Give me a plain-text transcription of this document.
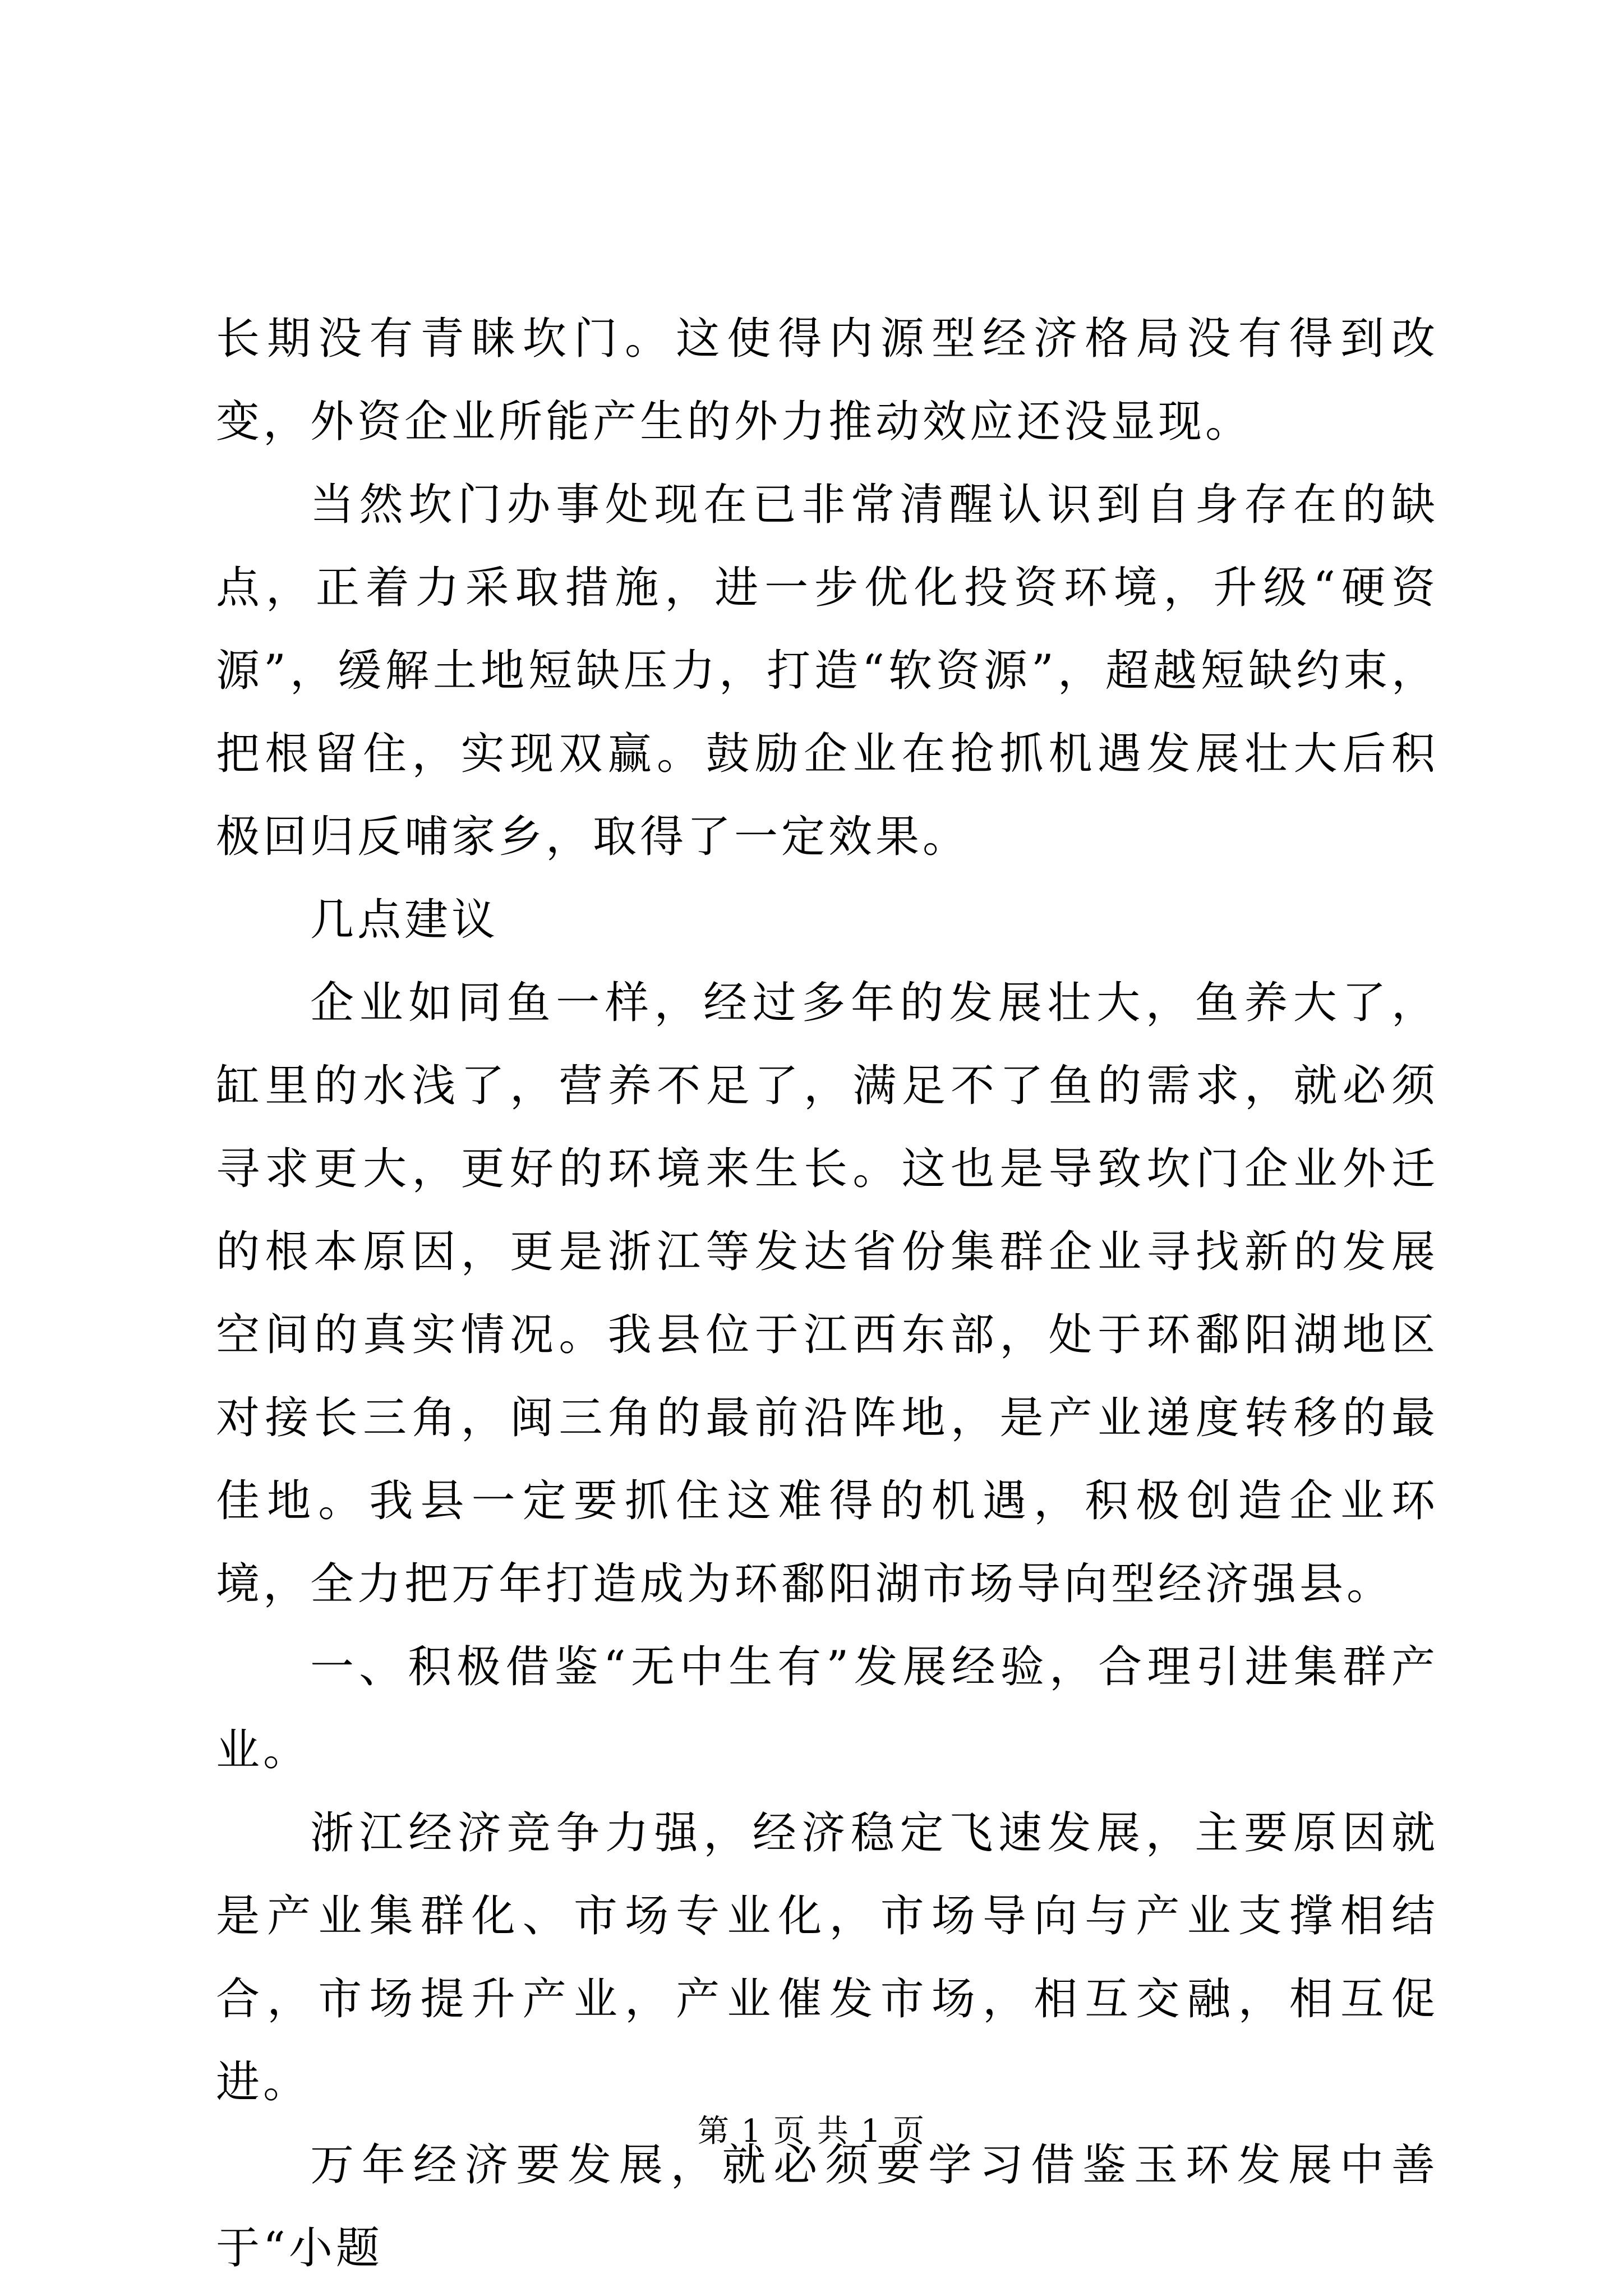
长期没有青睐坎门。这使得内源型经济格局没有得到改变，外资企业所能产生的外力推动效应还没显现。

当然坎门办事处现在已非常清醒认识到自身存在的缺点，正着力采取措施，进一步优化投资环境，升级“硬资源”，缓解土地短缺压力，打造“软资源”，超越短缺约束，把根留住，实现双赢。鼓励企业在抢抓机遇发展壮大后积极回归反哺家乡，取得了一定效果。

几点建议

企业如同鱼一样，经过多年的发展壮大，鱼养大了，缸里的水浅了，营养不足了，满足不了鱼的需求，就必须寻求更大，更好的环境来生长。这也是导致坎门企业外迁的根本原因，更是浙江等发达省份集群企业寻找新的发展空间的真实情况。我县位于江西东部，处于环鄱阳湖地区对接长三角，闽三角的最前沿阵地，是产业递度转移的最佳地。我县一定要抓住这难得的机遇，积极创造企业环境，全力把万年打造成为环鄱阳湖市场导向型经济强县。

一、积极借鉴“无中生有”发展经验，合理引进集群产业。

浙江经济竞争力强，经济稳定飞速发展，主要原因就是产业集群化、市场专业化，市场导向与产业支撑相结合，市场提升产业，产业催发市场，相互交融，相互促进。

万年经济要发展，就必须要学习借鉴玉环发展中善于“小题

第 1 页 共 1 页
